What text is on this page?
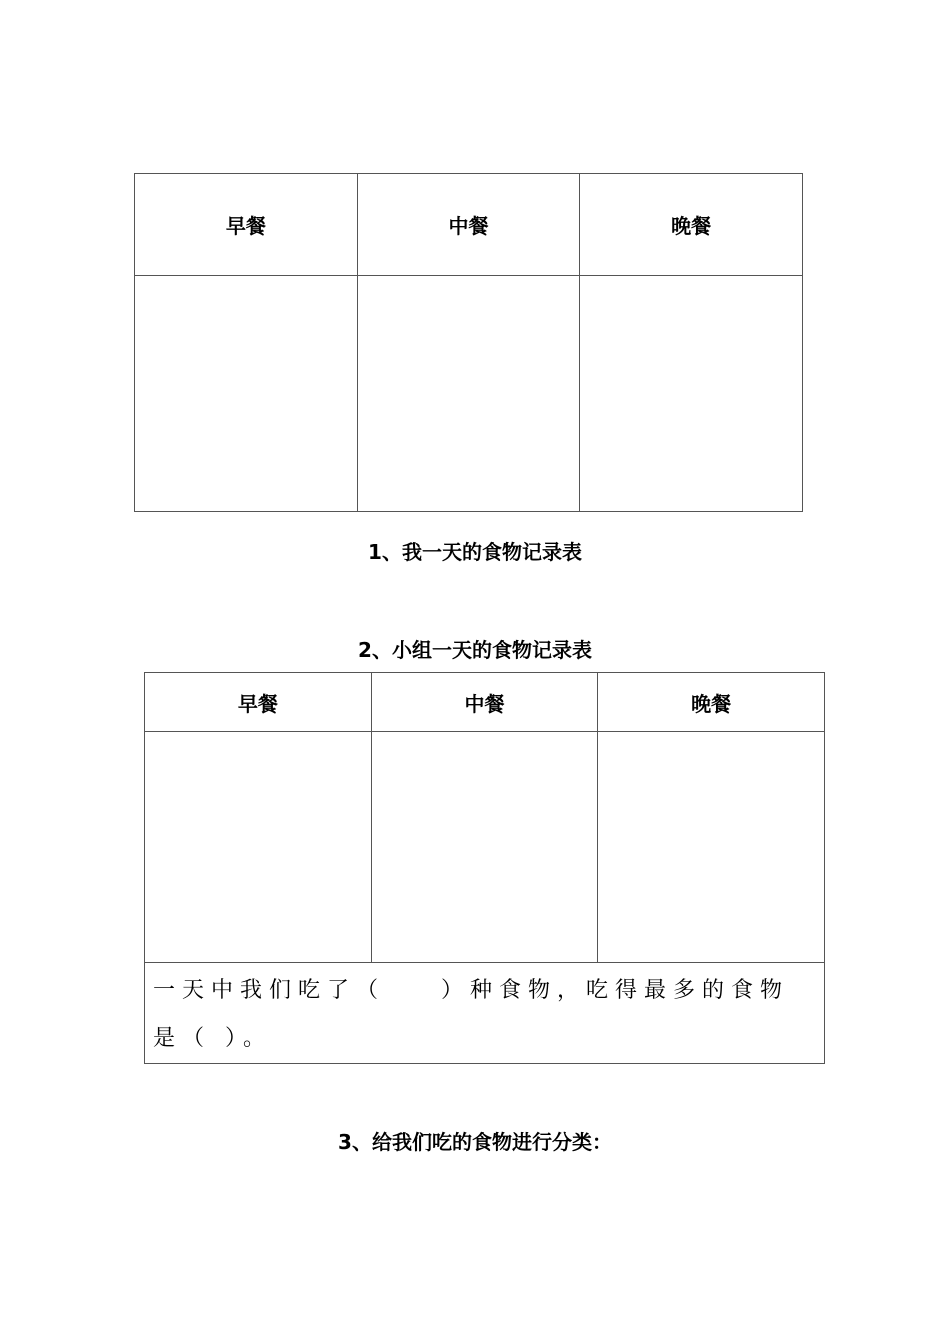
早餐	中餐	晚餐

1、我一天的食物记录表
2、小组一天的食物记录表
早餐	中餐	晚餐

一天中我们吃了（ ）种食物，吃得最多的食物是（ ）。		
3、给我们吃的食物进行分类：
